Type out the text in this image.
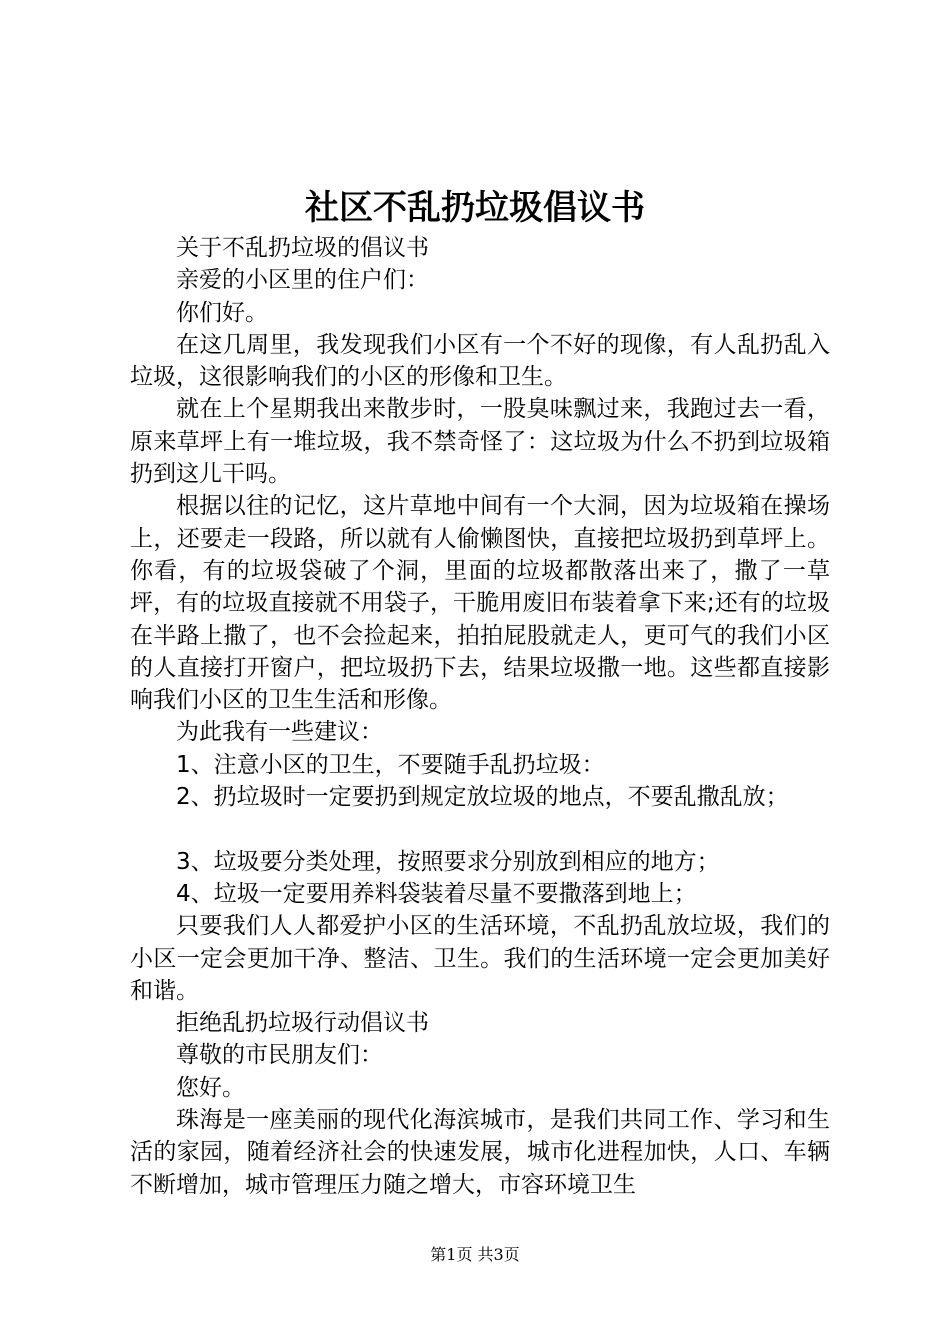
社区不乱扔垃圾倡议书

关于不乱扔垃圾的倡议书

亲爱的小区里的住户们：

你们好。

在这几周里，我发现我们小区有一个不好的现像，有人乱扔乱入垃圾，这很影响我们的小区的形像和卫生。

就在上个星期我出来散步时，一股臭味飘过来，我跑过去一看，原来草坪上有一堆垃圾，我不禁奇怪了：这垃圾为什么不扔到垃圾箱扔到这儿干吗。

根据以往的记忆，这片草地中间有一个大洞，因为垃圾箱在操场上，还要走一段路，所以就有人偷懒图快，直接把垃圾扔到草坪上。你看，有的垃圾袋破了个洞，里面的垃圾都散落出来了，撒了一草坪，有的垃圾直接就不用袋子，干脆用废旧布装着拿下来;还有的垃圾在半路上撒了，也不会捡起来，拍拍屁股就走人，更可气的我们小区的人直接打开窗户，把垃圾扔下去，结果垃圾撒一地。这些都直接影响我们小区的卫生生活和形像。

为此我有一些建议：

1、注意小区的卫生，不要随手乱扔垃圾：

2、扔垃圾时一定要扔到规定放垃圾的地点，不要乱撒乱放；

3、垃圾要分类处理，按照要求分别放到相应的地方；

4、垃圾一定要用养料袋装着尽量不要撒落到地上；

只要我们人人都爱护小区的生活环境，不乱扔乱放垃圾，我们的小区一定会更加干净、整洁、卫生。我们的生活环境一定会更加美好和谐。

拒绝乱扔垃圾行动倡议书

尊敬的市民朋友们：

您好。

珠海是一座美丽的现代化海滨城市，是我们共同工作、学习和生活的家园，随着经济社会的快速发展，城市化进程加快，人口、车辆不断增加，城市管理压力随之增大，市容环境卫生

第1页 共3页
